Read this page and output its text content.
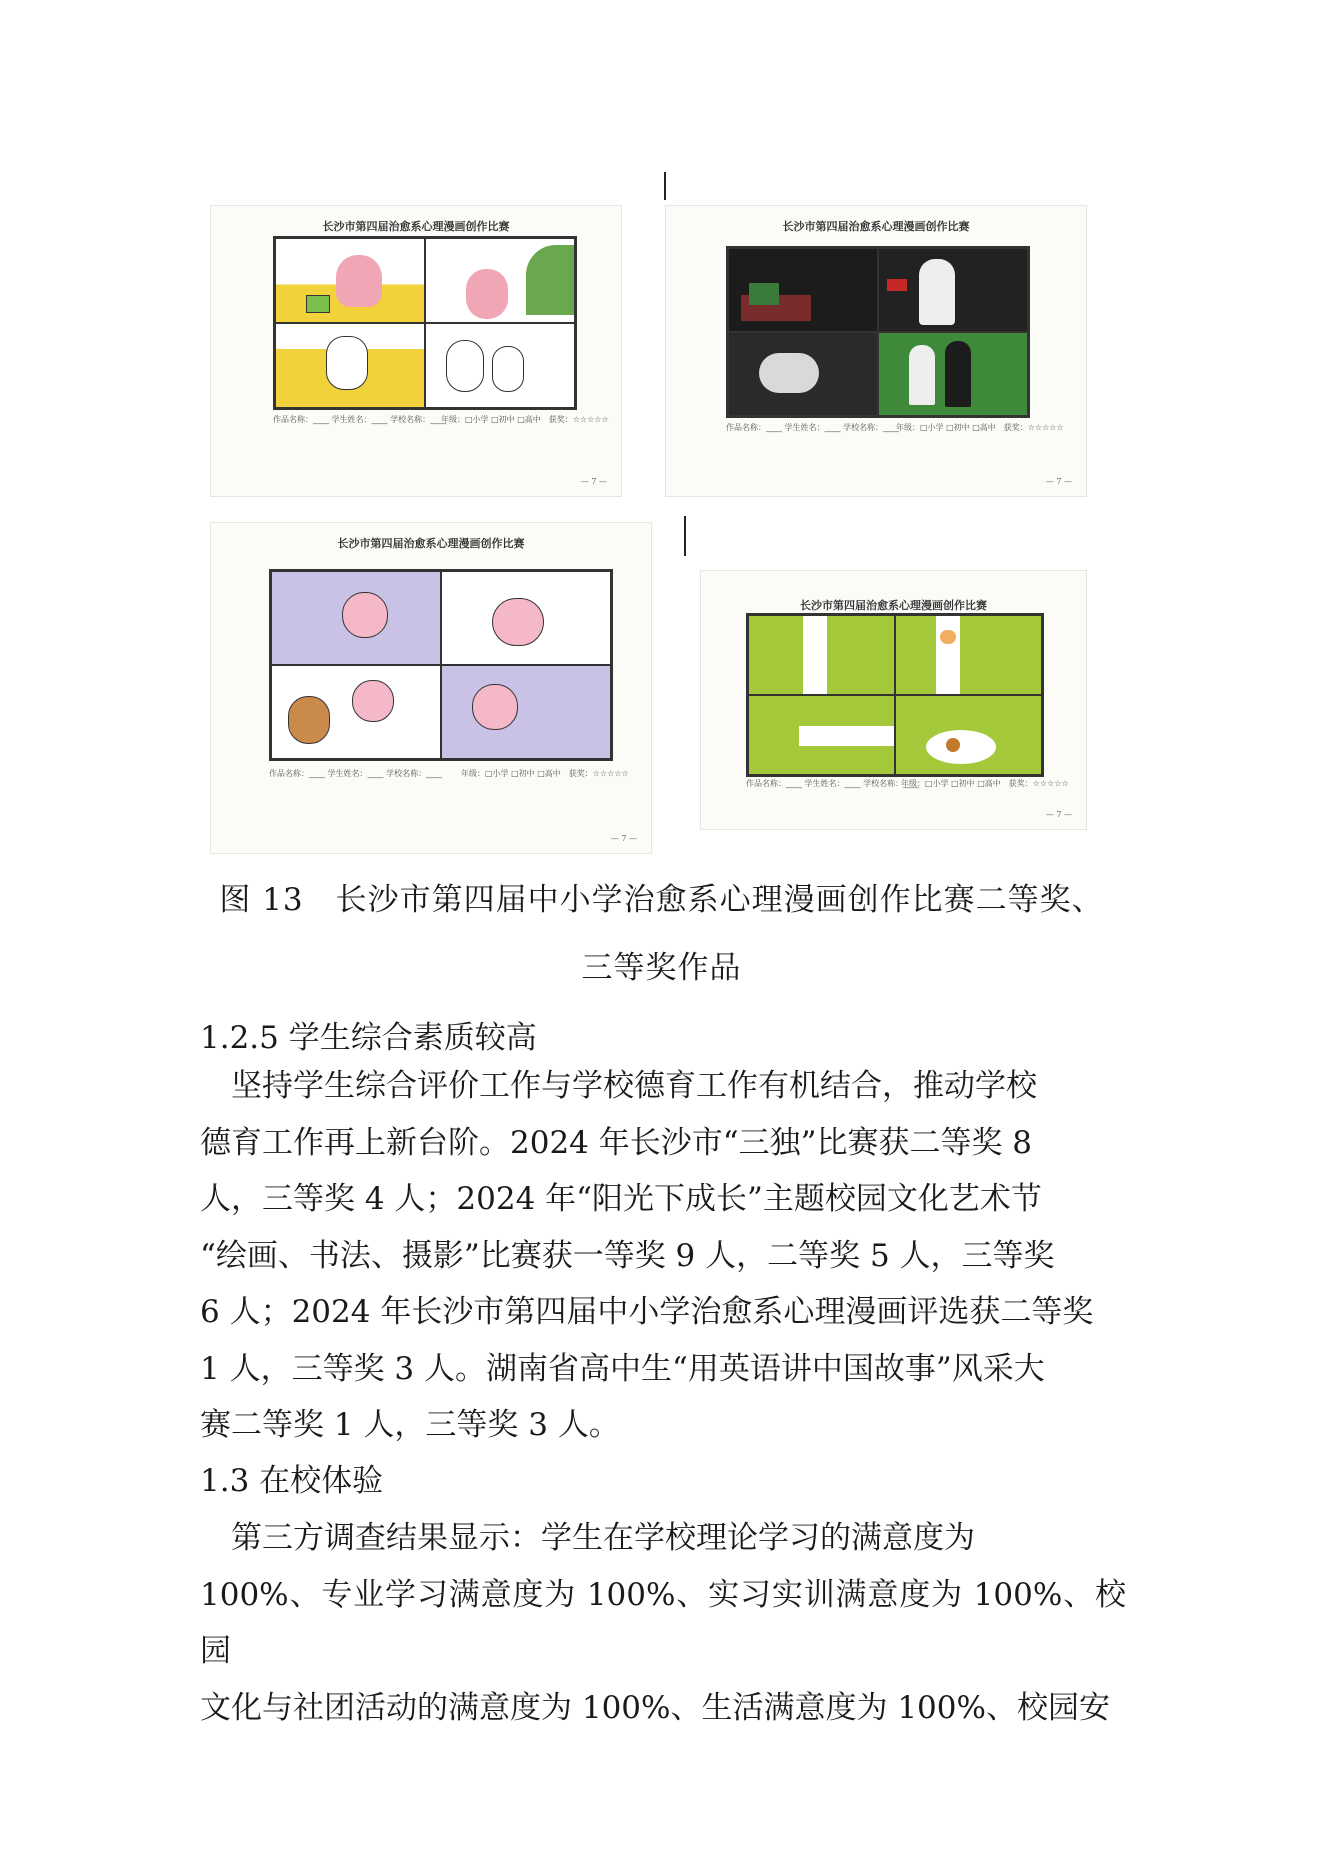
长沙市第四届治愈系心理漫画创作比赛
作品名称：____ 学生姓名：____ 学校名称：____
年级：□小学 □初中 □高中　获奖：☆☆☆☆☆
— 7 —
长沙市第四届治愈系心理漫画创作比赛
作品名称：____ 学生姓名：____ 学校名称：____
年级：□小学 □初中 □高中　获奖：☆☆☆☆☆
— 7 —
长沙市第四届治愈系心理漫画创作比赛
作品名称：____ 学生姓名：____ 学校名称：____ 年级：□小学 □初中 □高中　获奖：☆☆☆☆☆
— 7 —
长沙市第四届治愈系心理漫画创作比赛
作品名称：____ 学生姓名：____ 学校名称：____
年级：□小学 □初中 □高中　获奖：☆☆☆☆☆
— 7 —
图 13　长沙市第四届中小学治愈系心理漫画创作比赛二等奖、
三等奖作品
1.2.5 学生综合素质较高
　坚持学生综合评价工作与学校德育工作有机结合，推动学校
德育工作再上新台阶。2024 年长沙市“三独”比赛获二等奖 8
人，三等奖 4 人；2024 年“阳光下成长”主题校园文化艺术节
“绘画、书法、摄影”比赛获一等奖 9 人，二等奖 5 人，三等奖
6 人；2024 年长沙市第四届中小学治愈系心理漫画评选获二等奖
1 人，三等奖 3 人。湖南省高中生“用英语讲中国故事”风采大
赛二等奖 1 人，三等奖 3 人。
1.3 在校体验
　第三方调查结果显示：学生在学校理论学习的满意度为
100%、专业学习满意度为 100%、实习实训满意度为 100%、校园
文化与社团活动的满意度为 100%、生活满意度为 100%、校园安
